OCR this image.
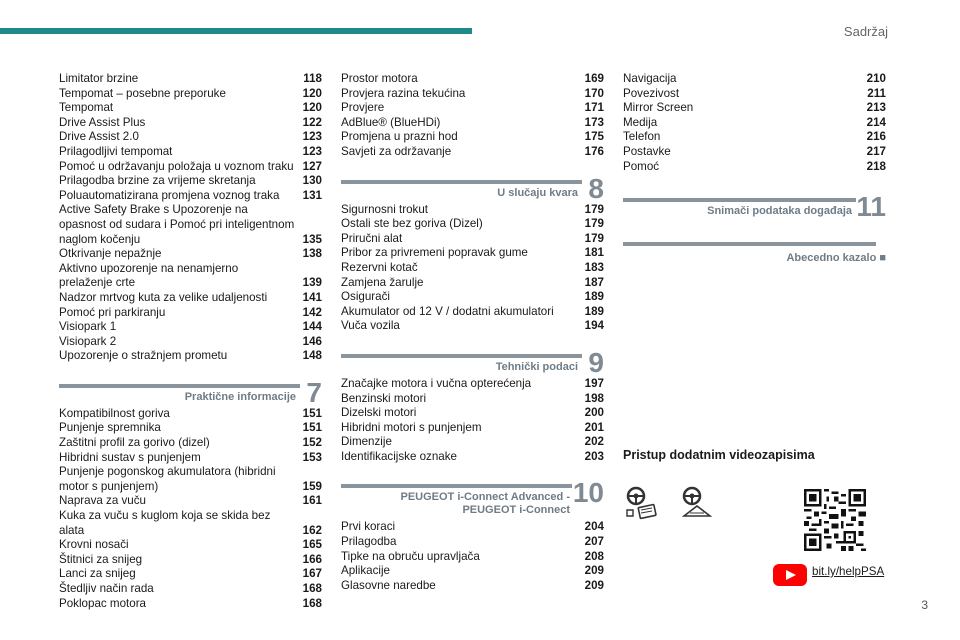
Sadržaj
Limitator brzine	118
Tempomat – posebne preporuke	120
Tempomat	120
Drive Assist Plus	122
Drive Assist 2.0	123
Prilagodljivi tempomat	123
Pomoć u održavanju položaja u voznom traku 127
Prilagodba brzine za vrijeme skretanja	130
Poluautomatizirana promjena voznog traka	131
Active Safety Brake s Upozorenje na opasnost od sudara i Pomoć pri inteligentnom naglom kočenju	135
Otkrivanje nepažnje	138
Aktivno upozorenje na nenamjerno prelaženje crte	139
Nadzor mrtvog kuta za velike udaljenosti	141
Pomoć pri parkiranju	142
Visiopark 1	144
Visiopark 2	146
Upozorenje o stražnjem prometu	148
Praktične informacije 7
Kompatibilnost goriva	151
Punjenje spremnika	151
Zaštitni profil za gorivo (dizel)	152
Hibridni sustav s punjenjem	153
Punjenje pogonskog akumulatora (hibridni motor s punjenjem)	159
Naprava za vuču	161
Kuka za vuču s kuglom koja se skida bez alata	162
Krovni nosači	165
Štitnici za snijeg	166
Lanci za snijeg	167
Štedljiv način rada	168
Poklopac motora	168
Prostor motora	169
Provjera razina tekućina	170
Provjere	171
AdBlue® (BlueHDi)	173
Promjena u prazni hod	175
Savjeti za održavanje	176
U slučaju kvara 8
Sigurnosni trokut	179
Ostali ste bez goriva (Dizel)	179
Priručni alat	179
Pribor za privremeni popravak gume	181
Rezervni kotač	183
Zamjena žarulje	187
Osigurači	189
Akumulator od 12 V / dodatni akumulatori	189
Vuča vozila	194
Tehnički podaci 9
Značajke motora i vučna opterećenja	197
Benzinski motori	198
Dizelski motori	200
Hibridni motori s punjenjem	201
Dimenzije	202
Identifikacijske oznake	203
PEUGEOT i-Connect Advanced - PEUGEOT i-Connect
10
Prvi koraci	204
Prilagodba	207
Tipke na obruču upravljača	208
Aplikacije	209
Glasovne naredbe	209
Navigacija	210
Povezivost	211
Mirror Screen	213
Medija	214
Telefon	216
Postavke	217
Pomoć	218
Snimači podataka događaja 11
Abecedno kazalo ■
Pristup dodatnim videozapisima
bit.ly/helpPSA
3
